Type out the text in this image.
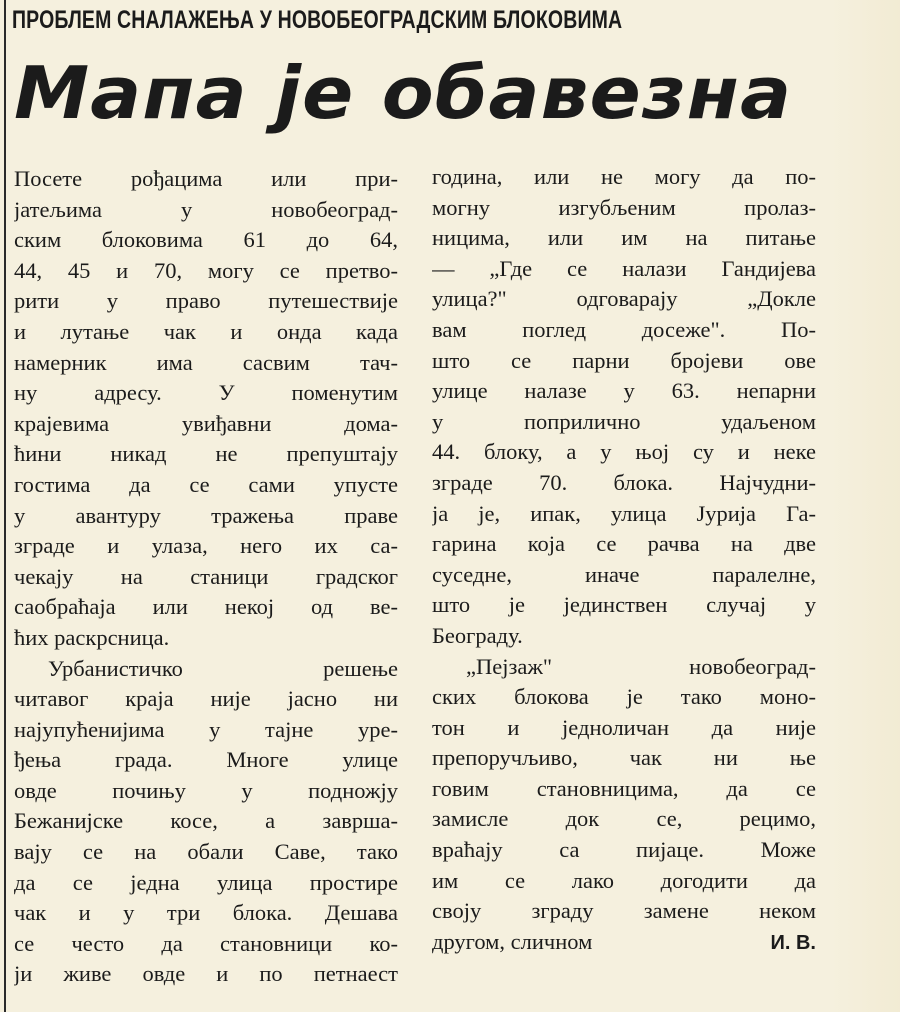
ПРОБЛЕМ СНАЛАЖЕЊА У НОВОБЕОГРАДСКИМ БЛОКОВИМА
Мапа је обавезна
Посете рођацима или при-
јатељима у новобеоград-
ским блоковима 61 до 64,
44, 45 и 70, могу се претво-
рити у право путешествије
и лутање чак и онда када
намерник има сасвим тач-
ну адресу. У поменутим
крајевима увиђавни дома-
ћини никад не препуштају
гостима да се сами упусте
у авантуру тражења праве
зграде и улаза, него их са-
чекају на станици градског
саобраћаја или некој од ве-
ћих раскрсница.
Урбанистичко решење
читавог краја није јасно ни
најупућенијима у тајне уре-
ђења града. Многе улице
овде почињу у подножју
Бежанијске косе, а заврша-
вају се на обали Саве, тако
да се једна улица простире
чак и у три блока. Дешава
се често да становници ко-
ји живе овде и по петнаест
година, или не могу да по-
могну изгубљеним пролаз-
ницима, или им на питање
— „Где се налази Гандијева
улица?" одговарају „Докле
вам поглед досеже". По-
што се парни бројеви ове
улице налазе у 63. непарни
у поприлично удаљеном
44. блоку, а у њој су и неке
зграде 70. блока. Најчудни-
ја је, ипак, улица Јурија Га-
гарина која се рачва на две
суседне, иначе паралелне,
што је јединствен случај у
Београду.
„Пејзаж" новобеоград-
ских блокова је тако моно-
тон и једноличан да није
препоручљиво, чак ни ње
говим становницима, да се
замисле док се, рецимо,
враћају са пијаце. Може
им се лако догодити да
своју зграду замене неком
другом, сличном	И. В.
